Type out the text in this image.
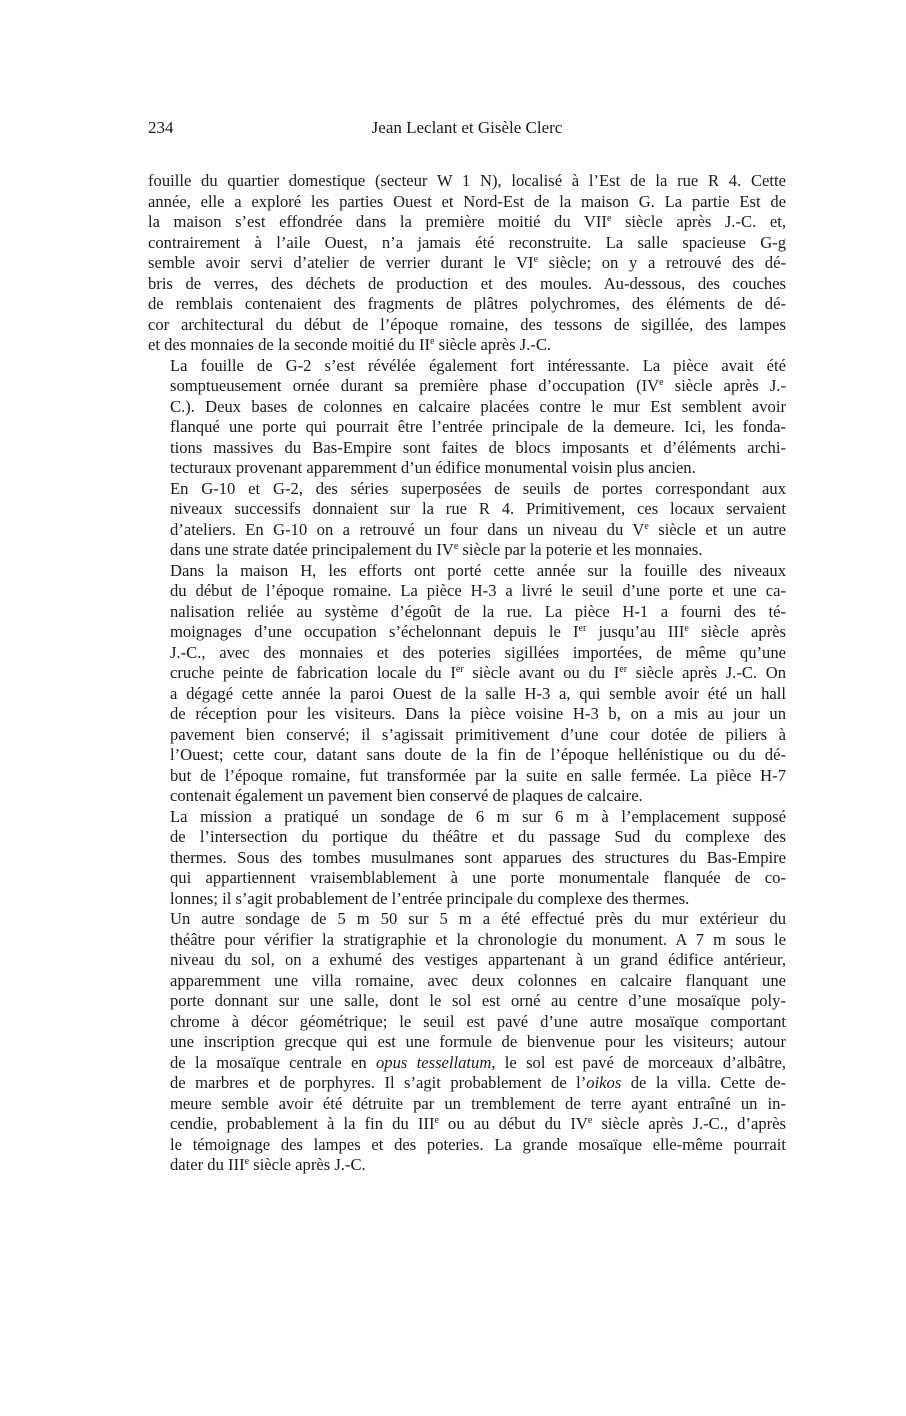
234	Jean Leclant et Gisèle Clerc

fouille du quartier domestique (secteur W 1 N), localisé à l’Est de la rue R 4. Cette
année, elle a exploré les parties Ouest et Nord-Est de la maison G. La partie Est de
la maison s’est effondrée dans la première moitié du VIIe siècle après J.-C. et,
contrairement à l’aile Ouest, n’a jamais été reconstruite. La salle spacieuse G-g
semble avoir servi d’atelier de verrier durant le VIe siècle; on y a retrouvé des dé-
bris de verres, des déchets de production et des moules. Au-dessous, des couches
de remblais contenaient des fragments de plâtres polychromes, des éléments de dé-
cor architectural du début de l’époque romaine, des tessons de sigillée, des lampes
et des monnaies de la seconde moitié du IIe siècle après J.-C.

La fouille de G-2 s’est révélée également fort intéressante. La pièce avait été
somptueusement ornée durant sa première phase d’occupation (IVe siècle après J.-
C.). Deux bases de colonnes en calcaire placées contre le mur Est semblent avoir
flanqué une porte qui pourrait être l’entrée principale de la demeure. Ici, les fonda-
tions massives du Bas-Empire sont faites de blocs imposants et d’éléments archi-
tecturaux provenant apparemment d’un édifice monumental voisin plus ancien.

En G-10 et G-2, des séries superposées de seuils de portes correspondant aux
niveaux successifs donnaient sur la rue R 4. Primitivement, ces locaux servaient
d’ateliers. En G-10 on a retrouvé un four dans un niveau du Ve siècle et un autre
dans une strate datée principalement du IVe siècle par la poterie et les monnaies.

Dans la maison H, les efforts ont porté cette année sur la fouille des niveaux
du début de l’époque romaine. La pièce H-3 a livré le seuil d’une porte et une ca-
nalisation reliée au système d’égoût de la rue. La pièce H-1 a fourni des té-
moignages d’une occupation s’échelonnant depuis le Ier jusqu’au IIIe siècle après
J.-C., avec des monnaies et des poteries sigillées importées, de même qu’une
cruche peinte de fabrication locale du Ier siècle avant ou du Ier siècle après J.-C. On
a dégagé cette année la paroi Ouest de la salle H-3 a, qui semble avoir été un hall
de réception pour les visiteurs. Dans la pièce voisine H-3 b, on a mis au jour un
pavement bien conservé; il s’agissait primitivement d’une cour dotée de piliers à
l’Ouest; cette cour, datant sans doute de la fin de l’époque hellénistique ou du dé-
but de l’époque romaine, fut transformée par la suite en salle fermée. La pièce H-7
contenait également un pavement bien conservé de plaques de calcaire.

La mission a pratiqué un sondage de 6 m sur 6 m à l’emplacement supposé
de l’intersection du portique du théâtre et du passage Sud du complexe des
thermes. Sous des tombes musulmanes sont apparues des structures du Bas-Empire
qui appartiennent vraisemblablement à une porte monumentale flanquée de co-
lonnes; il s’agit probablement de l’entrée principale du complexe des thermes.

Un autre sondage de 5 m 50 sur 5 m a été effectué près du mur extérieur du
théâtre pour vérifier la stratigraphie et la chronologie du monument. A 7 m sous le
niveau du sol, on a exhumé des vestiges appartenant à un grand édifice antérieur,
apparemment une villa romaine, avec deux colonnes en calcaire flanquant une
porte donnant sur une salle, dont le sol est orné au centre d’une mosaïque poly-
chrome à décor géométrique; le seuil est pavé d’une autre mosaïque comportant
une inscription grecque qui est une formule de bienvenue pour les visiteurs; autour
de la mosaïque centrale en opus tessellatum, le sol est pavé de morceaux d’albâtre,
de marbres et de porphyres. Il s’agit probablement de l’oikos de la villa. Cette de-
meure semble avoir été détruite par un tremblement de terre ayant entraîné un in-
cendie, probablement à la fin du IIIe ou au début du IVe siècle après J.-C., d’après
le témoignage des lampes et des poteries. La grande mosaïque elle-même pourrait
dater du IIIe siècle après J.-C.
